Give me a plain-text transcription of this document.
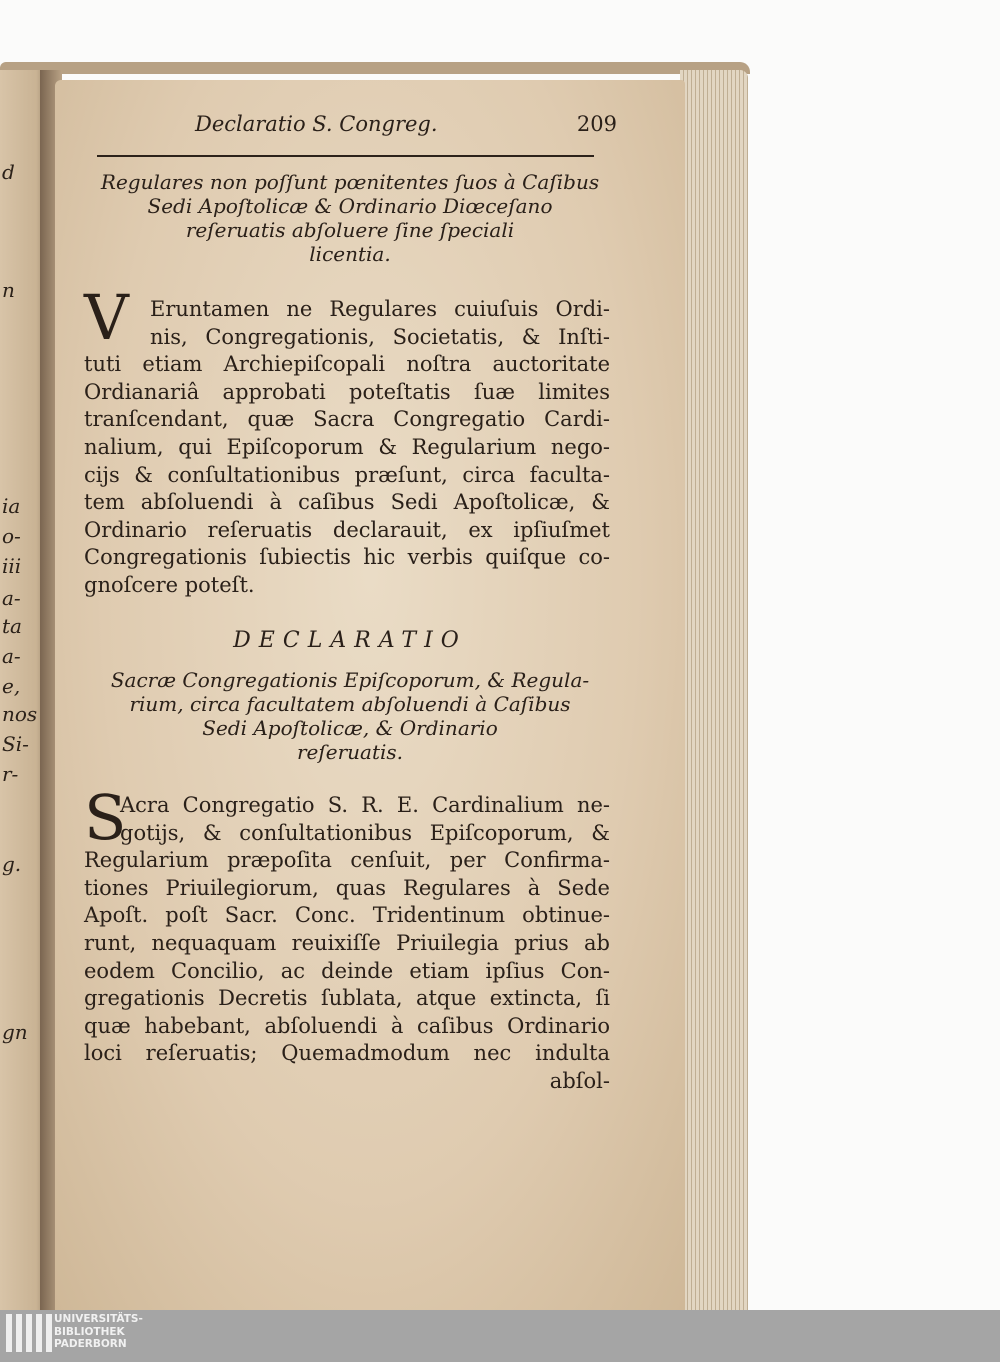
d
n
ia
o-
iii
a-
ta
a-
e,
nos
Si-
r-
g.
gn
Declaratio S. Congreg.	209
Regulares non poſſunt pœnitentes ſuos à Caſibus
Sedi Apoſtolicæ & Ordinario Diœceſano
reſeruatis abſoluere ſine ſpeciali
licentia.
V Eruntamen ne Regulares cuiuſuis Ordi-
nis, Congregationis, Societatis, & Inſti-
tuti etiam Archiepiſcopali noſtra auctoritate
Ordianariâ approbati poteſtatis ſuæ limites
tranſcendant, quæ Sacra Congregatio Cardi-
nalium, qui Epiſcoporum & Regularium nego-
cijs & conſultationibus præſunt, circa faculta-
tem abſoluendi à caſibus Sedi Apoſtolicæ, &
Ordinario reſeruatis declarauit, ex ipſiuſmet
Congregationis ſubiectis hic verbis quiſque co-
gnoſcere poteſt.
DECLARATIO
Sacræ Congregationis Epiſcoporum, & Regula-
rium, circa facultatem abſoluendi à Caſibus
Sedi Apoſtolicæ, & Ordinario
reſeruatis.
S
Acra Congregatio S. R. E. Cardinalium ne-
gotijs, & conſultationibus Epiſcoporum, &
Regularium præpoſita cenſuit, per Confirma-
tiones Priuilegiorum, quas Regulares à Sede
Apoſt. poſt Sacr. Conc. Tridentinum obtinue-
runt, nequaquam reuixiſſe Priuilegia prius ab
eodem Concilio, ac deinde etiam ipſius Con-
gregationis Decretis ſublata, atque extincta, ſi
quæ habebant, abſoluendi à caſibus Ordinario
loci reſeruatis; Quemadmodum nec indulta
abſol-
UNIVERSITÄTS-
BIBLIOTHEK
PADERBORN
